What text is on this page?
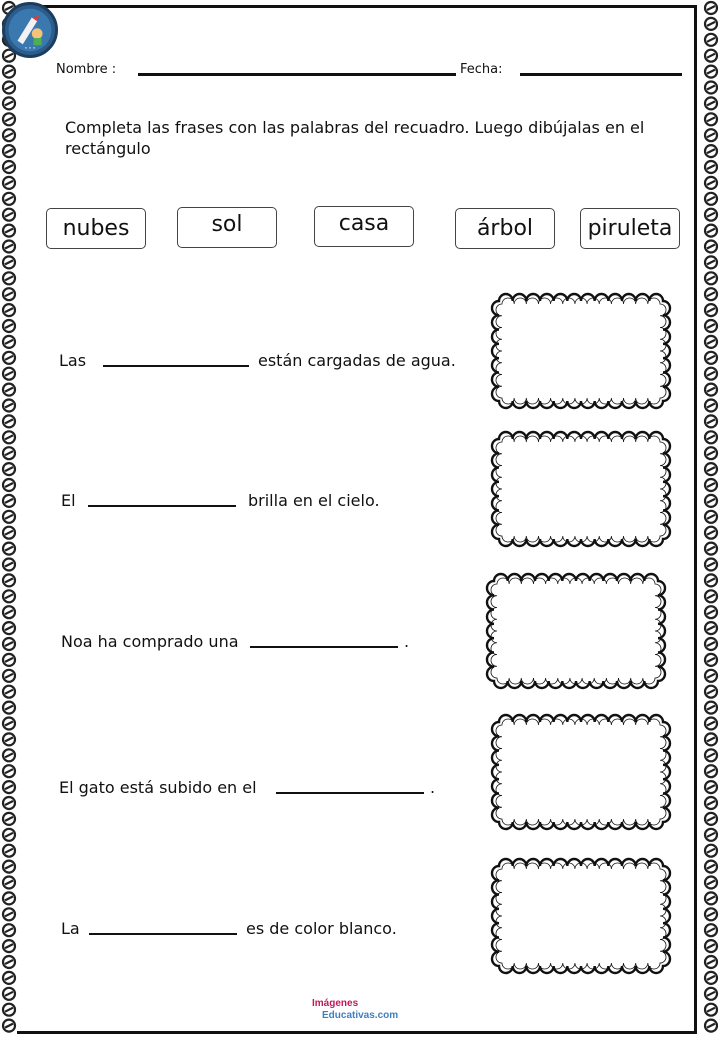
• • •
Nombre :	Fecha:
Completa las frases con las palabras del recuadro. Luego dibújalas en el rectángulo
nubes	sol	casa	árbol	piruleta
Las	están cargadas de agua.
El	brilla en el cielo.
Noa ha comprado una	.
El gato está subido en el	.
La	es de color blanco.
Imágenes
Educativas.com
